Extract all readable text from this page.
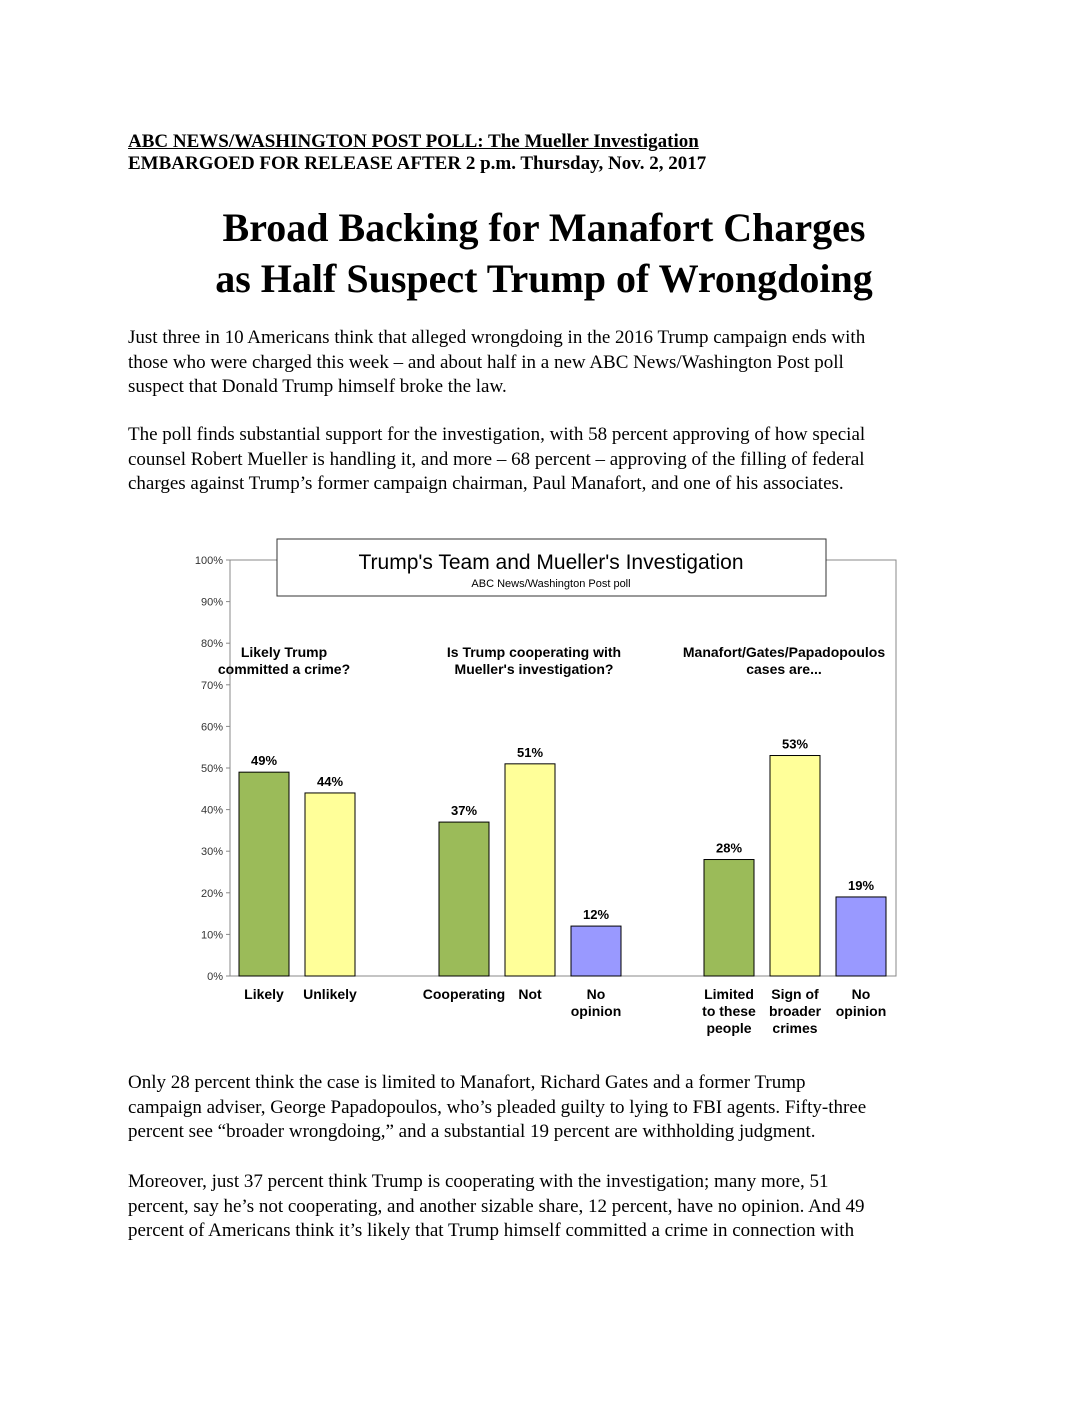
ABC NEWS/WASHINGTON POST POLL: The Mueller Investigation
EMBARGOED FOR RELEASE AFTER 2 p.m. Thursday, Nov. 2, 2017
Broad Backing for Manafort Charges
as Half Suspect Trump of Wrongdoing
Just three in 10 Americans think that alleged wrongdoing in the 2016 Trump campaign ends with
those who were charged this week – and about half in a new ABC News/Washington Post poll
suspect that Donald Trump himself broke the law.
The poll finds substantial support for the investigation, with 58 percent approving of how special
counsel Robert Mueller is handling it, and more – 68 percent – approving of the filling of federal
charges against Trump’s former campaign chairman, Paul Manafort, and one of his associates.
0%
10%
20%
30%
40%
50%
60%
70%
80%
90%
100%	Trump's Team and Mueller's Investigation
ABC News/Washington Post poll
Likely Trump
committed a crime?
49%
Likely
44%
Unlikely
Is Trump cooperating with
Mueller's investigation?
37%
Cooperating
51%
Not
12%
No
opinion
Manafort/Gates/Papadopoulos
cases are...
28%
Limited
to these
people
53%
Sign of
broader
crimes
19%
No
opinion
Only 28 percent think the case is limited to Manafort, Richard Gates and a former Trump
campaign adviser, George Papadopoulos, who’s pleaded guilty to lying to FBI agents. Fifty-three
percent see “broader wrongdoing,” and a substantial 19 percent are withholding judgment.
Moreover, just 37 percent think Trump is cooperating with the investigation; many more, 51
percent, say he’s not cooperating, and another sizable share, 12 percent, have no opinion. And 49
percent of Americans think it’s likely that Trump himself committed a crime in connection with
